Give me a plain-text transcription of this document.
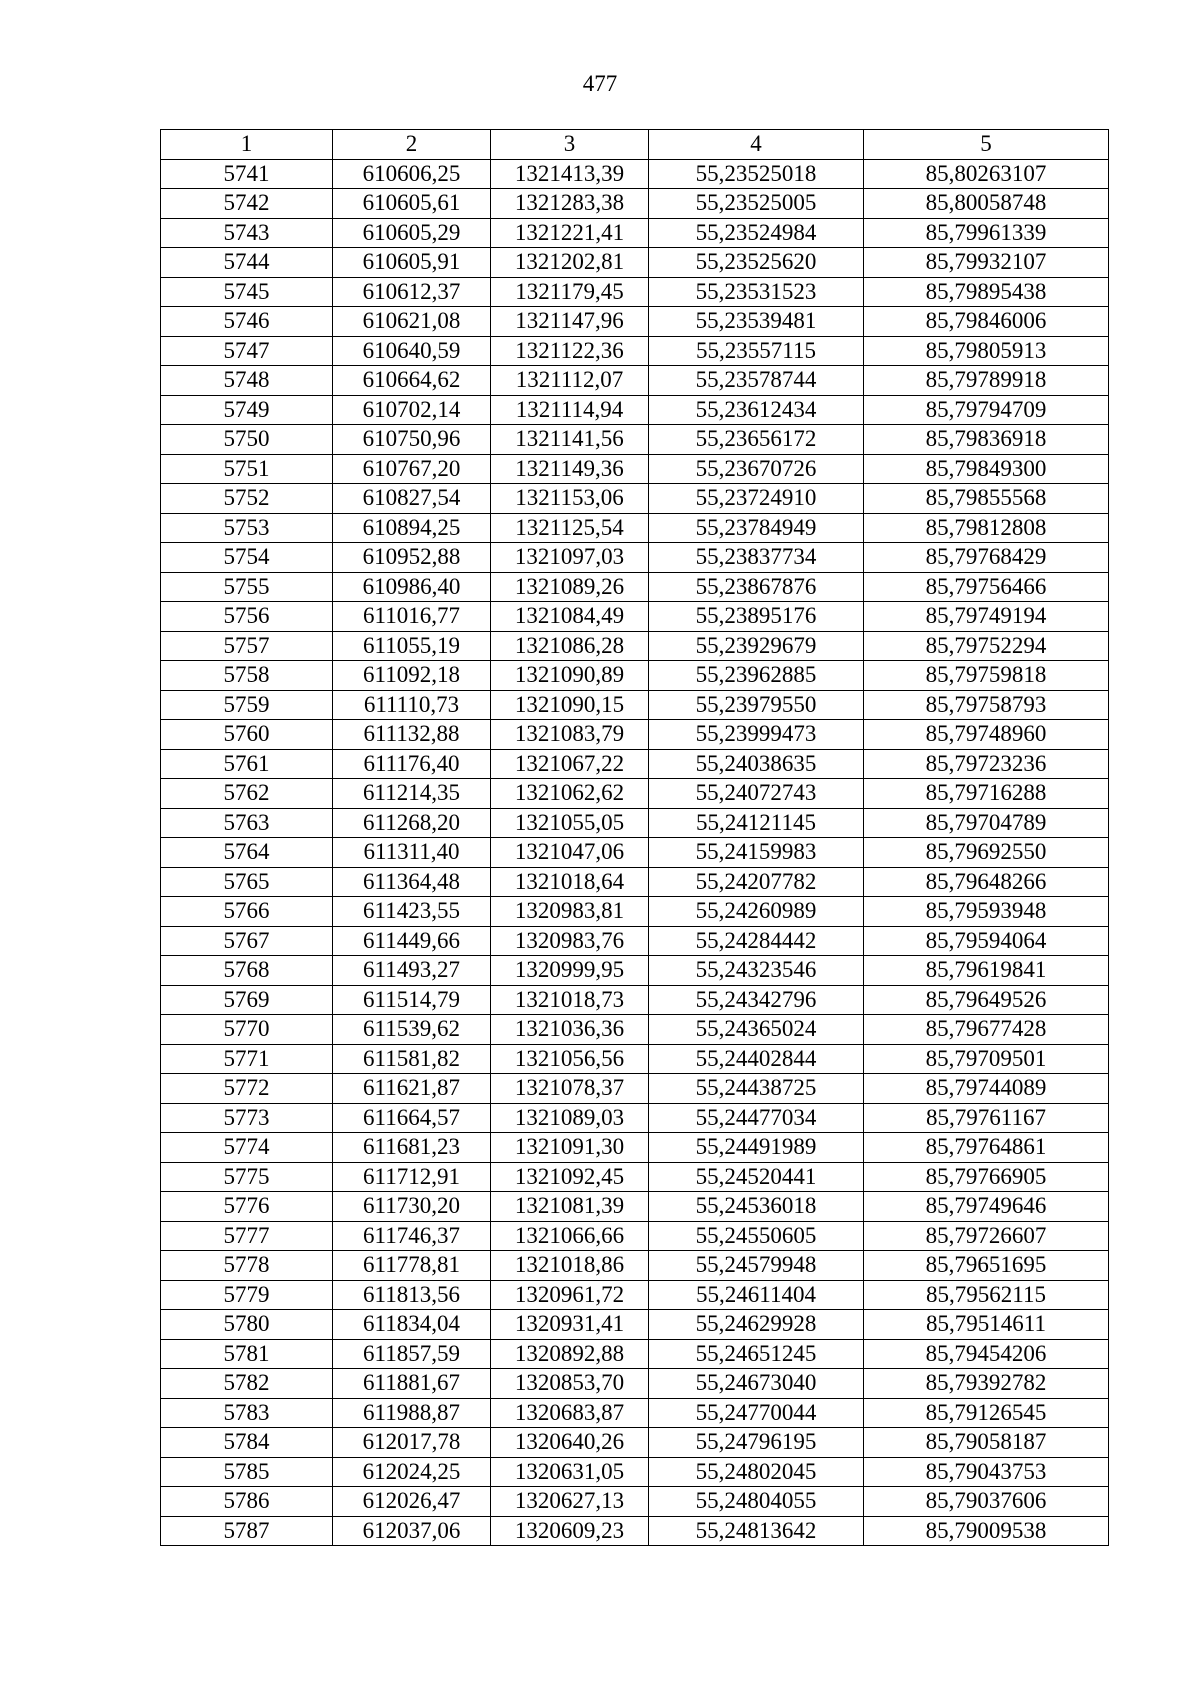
477
1	2	3	4	5
5741	610606,25	1321413,39	55,23525018	85,80263107
5742	610605,61	1321283,38	55,23525005	85,80058748
5743	610605,29	1321221,41	55,23524984	85,79961339
5744	610605,91	1321202,81	55,23525620	85,79932107
5745	610612,37	1321179,45	55,23531523	85,79895438
5746	610621,08	1321147,96	55,23539481	85,79846006
5747	610640,59	1321122,36	55,23557115	85,79805913
5748	610664,62	1321112,07	55,23578744	85,79789918
5749	610702,14	1321114,94	55,23612434	85,79794709
5750	610750,96	1321141,56	55,23656172	85,79836918
5751	610767,20	1321149,36	55,23670726	85,79849300
5752	610827,54	1321153,06	55,23724910	85,79855568
5753	610894,25	1321125,54	55,23784949	85,79812808
5754	610952,88	1321097,03	55,23837734	85,79768429
5755	610986,40	1321089,26	55,23867876	85,79756466
5756	611016,77	1321084,49	55,23895176	85,79749194
5757	611055,19	1321086,28	55,23929679	85,79752294
5758	611092,18	1321090,89	55,23962885	85,79759818
5759	611110,73	1321090,15	55,23979550	85,79758793
5760	611132,88	1321083,79	55,23999473	85,79748960
5761	611176,40	1321067,22	55,24038635	85,79723236
5762	611214,35	1321062,62	55,24072743	85,79716288
5763	611268,20	1321055,05	55,24121145	85,79704789
5764	611311,40	1321047,06	55,24159983	85,79692550
5765	611364,48	1321018,64	55,24207782	85,79648266
5766	611423,55	1320983,81	55,24260989	85,79593948
5767	611449,66	1320983,76	55,24284442	85,79594064
5768	611493,27	1320999,95	55,24323546	85,79619841
5769	611514,79	1321018,73	55,24342796	85,79649526
5770	611539,62	1321036,36	55,24365024	85,79677428
5771	611581,82	1321056,56	55,24402844	85,79709501
5772	611621,87	1321078,37	55,24438725	85,79744089
5773	611664,57	1321089,03	55,24477034	85,79761167
5774	611681,23	1321091,30	55,24491989	85,79764861
5775	611712,91	1321092,45	55,24520441	85,79766905
5776	611730,20	1321081,39	55,24536018	85,79749646
5777	611746,37	1321066,66	55,24550605	85,79726607
5778	611778,81	1321018,86	55,24579948	85,79651695
5779	611813,56	1320961,72	55,24611404	85,79562115
5780	611834,04	1320931,41	55,24629928	85,79514611
5781	611857,59	1320892,88	55,24651245	85,79454206
5782	611881,67	1320853,70	55,24673040	85,79392782
5783	611988,87	1320683,87	55,24770044	85,79126545
5784	612017,78	1320640,26	55,24796195	85,79058187
5785	612024,25	1320631,05	55,24802045	85,79043753
5786	612026,47	1320627,13	55,24804055	85,79037606
5787	612037,06	1320609,23	55,24813642	85,79009538
